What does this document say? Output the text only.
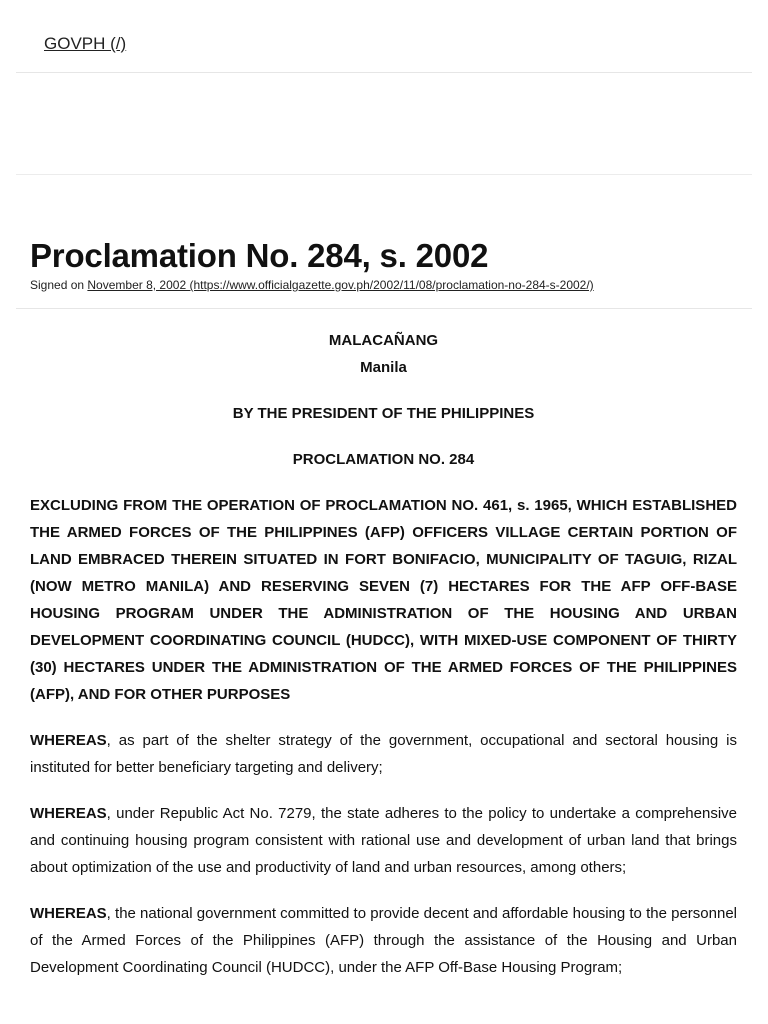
GOVPH (/)
Proclamation No. 284, s. 2002
Signed on November 8, 2002 (https://www.officialgazette.gov.ph/2002/11/08/proclamation-no-284-s-2002/)

MALACAÑANG

Manila

BY THE PRESIDENT OF THE PHILIPPINES

PROCLAMATION NO. 284

EXCLUDING FROM THE OPERATION OF PROCLAMATION NO. 461, s. 1965, WHICH ESTABLISHED THE ARMED FORCES OF THE PHILIPPINES (AFP) OFFICERS VILLAGE CERTAIN PORTION OF LAND EMBRACED THEREIN SITUATED IN FORT BONIFACIO, MUNICIPALITY OF TAGUIG, RIZAL (NOW METRO MANILA) AND RESERVING SEVEN (7) HECTARES FOR THE AFP OFF-BASE HOUSING PROGRAM UNDER THE ADMINISTRATION OF THE HOUSING AND URBAN DEVELOPMENT COORDINATING COUNCIL (HUDCC), WITH MIXED-USE COMPONENT OF THIRTY (30) HECTARES UNDER THE ADMINISTRATION OF THE ARMED FORCES OF THE PHILIPPINES (AFP), AND FOR OTHER PURPOSES

WHEREAS, as part of the shelter strategy of the government, occupational and sectoral housing is instituted for better beneficiary targeting and delivery;

WHEREAS, under Republic Act No. 7279, the state adheres to the policy to undertake a comprehensive and continuing housing program consistent with rational use and development of urban land that brings about optimization of the use and productivity of land and urban resources, among others;

WHEREAS, the national government committed to provide decent and affordable housing to the personnel of the Armed Forces of the Philippines (AFP) through the assistance of the Housing and Urban Development Coordinating Council (HUDCC), under the AFP Off-Base Housing Program;
